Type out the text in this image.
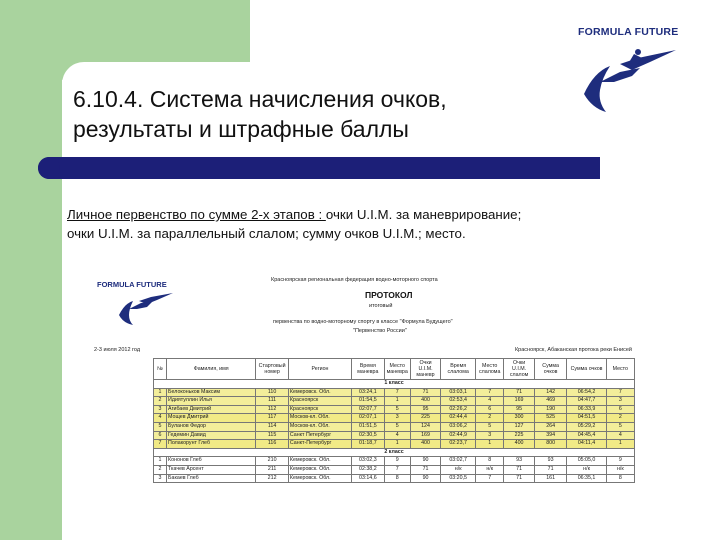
FORMULA FUTURE
6.10.4. Система начисления очков,
результаты и штрафные баллы
Личное первенство по сумме 2-х этапов : очки U.I.M. за маневрирование;
очки U.I.M. за параллельный слалом; сумму очков U.I.M.; место.
FORMULA FUTURE	Красноярская региональная федерация водно-моторного спорта
ПРОТОКОЛ
итоговый
первенства по водно-моторному спорту в классе "Формула Будущего"
"Первенство России"
2-3 июля 2012 год	Красноярск, Абаканская протока реки Енисей
№	Фамилия, имя	Стартовый номер	Регион	Время маневра	Место маневра	Очки U.I.M. маневр	Время слалома	Место слалома	Очки U.I.M. слалом	Сумма очков	Сумма очков	Место
1 класс												
1	Белоконьков Максим	110	Кемеровск. Обл.	03:24,1	7	71	03:03,1	7	71	142	06:54,2	7
2	Идиятуллин Илья	111	Красноярск	01:54,5	1	400	02:53,4	4	169	469	04:47,7	3
3	Агибаев Дмитрий	112	Красноярск	02:07,7	5	95	02:26,2	6	95	190	06:33,9	6
4	Мощев Дмитрий	117	Москов-кл. Обл.	02:07,1	3	225	02:44,4	2	300	525	04:51,5	2
5	Буланов Федор	114	Москов-кл. Обл.	01:51,5	5	124	03:06,2	5	127	264	05:29,2	5
6	Гедемин Давид	115	Санкт Петербург	02:30,5	4	169	02:44,9	3	225	394	04:45,4	4
7	Полакорунт Глеб	116	Санкт-Петербург	01:18,7	1	400	02:23,7	1	400	800	04:11,4	1
2 класс												
1	Кононов Глеб	210	Кемеровск. Обл.	03:02,3	9	90	03:02,7	8	93	93	05:05,0	9
2	Ткачев Арсент	211	Кемеровск. Обл.	02:38,2	7	71	н/к	н/к	71	71	н/к	н/к
3	Бакаев Глеб	212	Кемеровск. Обл.	03:14,6	8	90	03:20,5	7	71	161	06:35,1	8
